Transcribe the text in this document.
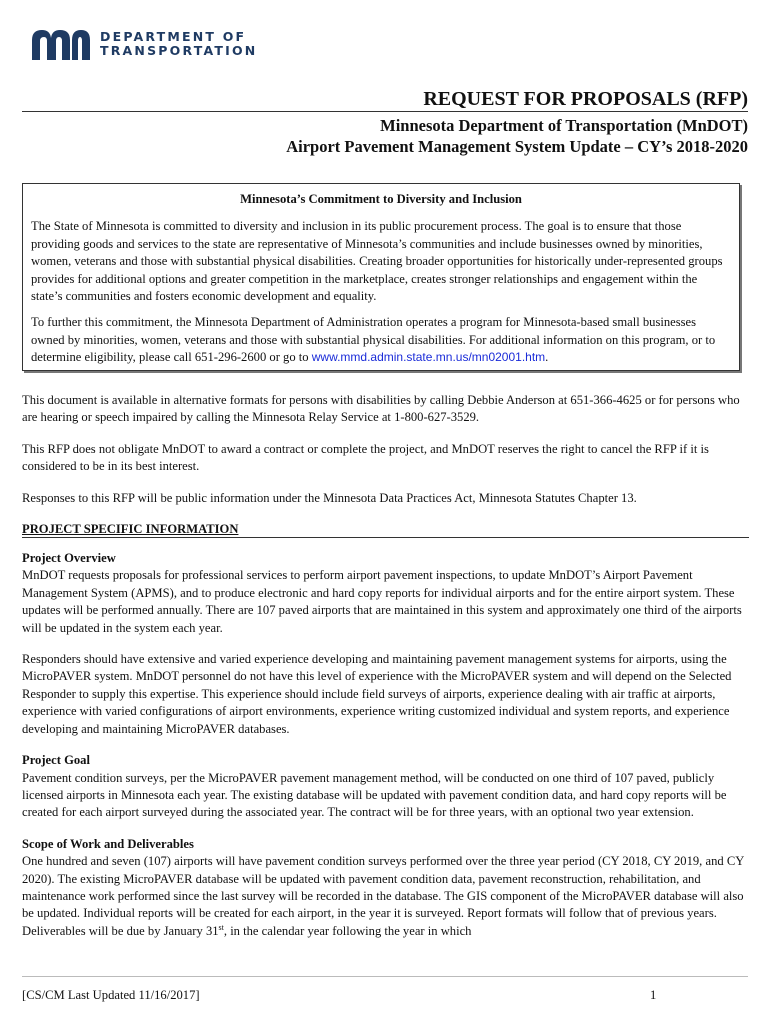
DEPARTMENT OF
TRANSPORTATION
REQUEST FOR PROPOSALS (RFP)
Minnesota Department of Transportation (MnDOT)
Airport Pavement Management System Update – CY’s 2018-2020
Minnesota’s Commitment to Diversity and Inclusion

The State of Minnesota is committed to diversity and inclusion in its public procurement process. The goal is to ensure that those providing goods and services to the state are representative of Minnesota’s communities and include businesses owned by minorities, women, veterans and those with substantial physical disabilities. Creating broader opportunities for historically under-represented groups provides for additional options and greater competition in the marketplace, creates stronger relationships and engagement within the state’s communities and fosters economic development and equality.

To further this commitment, the Minnesota Department of Administration operates a program for Minnesota-based small businesses owned by minorities, women, veterans and those with substantial physical disabilities. For additional information on this program, or to determine eligibility, please call 651-296-2600 or go to www.mmd.admin.state.mn.us/mn02001.htm.

This document is available in alternative formats for persons with disabilities by calling Debbie Anderson at 651-366-4625 or for persons who are hearing or speech impaired by calling the Minnesota Relay Service at 1-800-627-3529.

This RFP does not obligate MnDOT to award a contract or complete the project, and MnDOT reserves the right to cancel the RFP if it is considered to be in its best interest.

Responses to this RFP will be public information under the Minnesota Data Practices Act, Minnesota Statutes Chapter 13.

PROJECT SPECIFIC INFORMATION
Project Overview

MnDOT requests proposals for professional services to perform airport pavement inspections, to update MnDOT’s Airport Pavement Management System (APMS), and to produce electronic and hard copy reports for individual airports and for the entire airport system. These updates will be performed annually. There are 107 paved airports that are maintained in this system and approximately one third of the airports will be updated in the system each year.

Responders should have extensive and varied experience developing and maintaining pavement management systems for airports, using the MicroPAVER system. MnDOT personnel do not have this level of experience with the MicroPAVER system and will depend on the Selected Responder to supply this expertise. This experience should include field surveys of airports, experience dealing with air traffic at airports, experience with varied configurations of airport environments, experience writing customized individual and system reports, and experience developing and maintaining MicroPAVER databases.

Project Goal

Pavement condition surveys, per the MicroPAVER pavement management method, will be conducted on one third of 107 paved, publicly licensed airports in Minnesota each year. The existing database will be updated with pavement condition data, and hard copy reports will be created for each airport surveyed during the associated year. The contract will be for three years, with an optional two year extension.

Scope of Work and Deliverables

One hundred and seven (107) airports will have pavement condition surveys performed over the three year period (CY 2018, CY 2019, and CY 2020). The existing MicroPAVER database will be updated with pavement condition data, pavement reconstruction, rehabilitation, and maintenance work performed since the last survey will be recorded in the database. The GIS component of the MicroPAVER database will also be updated. Individual reports will be created for each airport, in the year it is surveyed. Report formats will follow that of previous years. Deliverables will be due by January 31st, in the calendar year following the year in which

[CS/CM Last Updated 11/16/2017]	1
